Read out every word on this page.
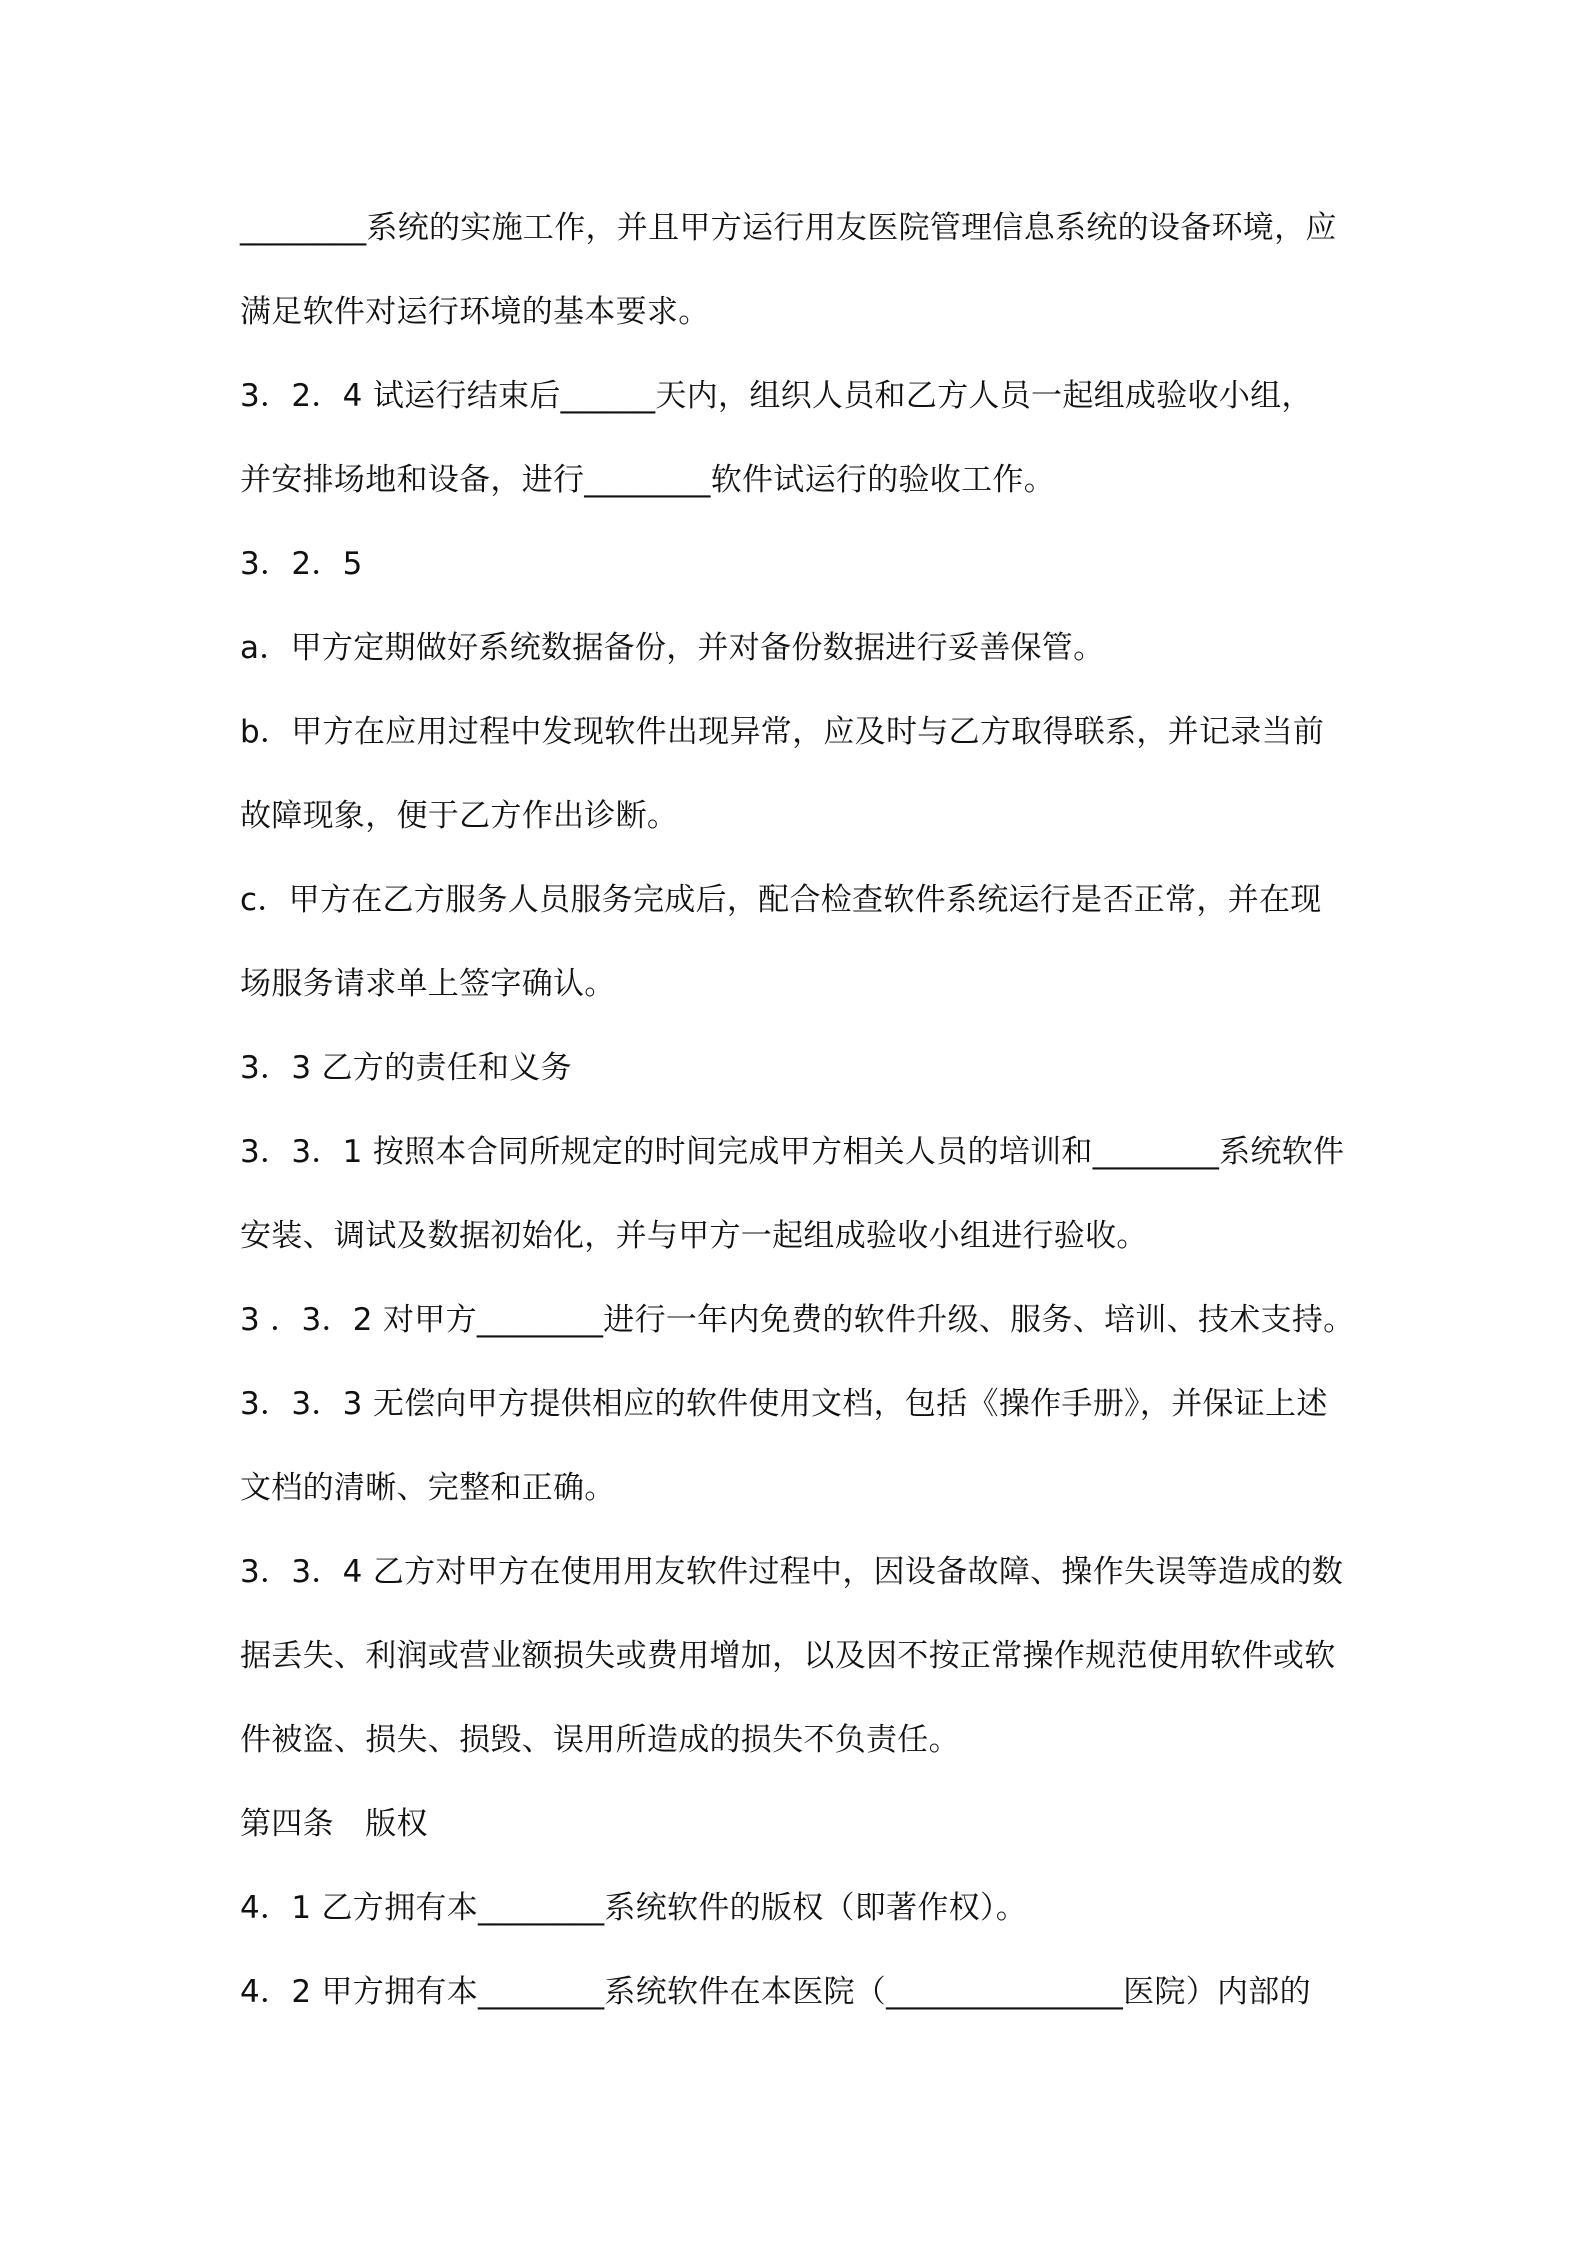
________系统的实施工作，并且甲方运行用友医院管理信息系统的设备环境，应
满足软件对运行环境的基本要求。
3．2．4 试运行结束后______天内，组织人员和乙方人员一起组成验收小组，
并安排场地和设备，进行________软件试运行的验收工作。
3．2．5
a．甲方定期做好系统数据备份，并对备份数据进行妥善保管。
b．甲方在应用过程中发现软件出现异常，应及时与乙方取得联系，并记录当前
故障现象，便于乙方作出诊断。
c．甲方在乙方服务人员服务完成后，配合检查软件系统运行是否正常，并在现
场服务请求单上签字确认。
3．3 乙方的责任和义务
3．3．1 按照本合同所规定的时间完成甲方相关人员的培训和________系统软件
安装、调试及数据初始化，并与甲方一起组成验收小组进行验收。
3 ．3．2 对甲方________进行一年内免费的软件升级、服务、培训、技术支持。
3．3．3 无偿向甲方提供相应的软件使用文档，包括《操作手册》，并保证上述
文档的清晰、完整和正确。
3．3．4 乙方对甲方在使用用友软件过程中，因设备故障、操作失误等造成的数
据丢失、利润或营业额损失或费用增加，以及因不按正常操作规范使用软件或软
件被盗、损失、损毁、误用所造成的损失不负责任。
第四条　版权
4．1 乙方拥有本________系统软件的版权（即著作权）。
4．2 甲方拥有本________系统软件在本医院（_______________医院）内部的
